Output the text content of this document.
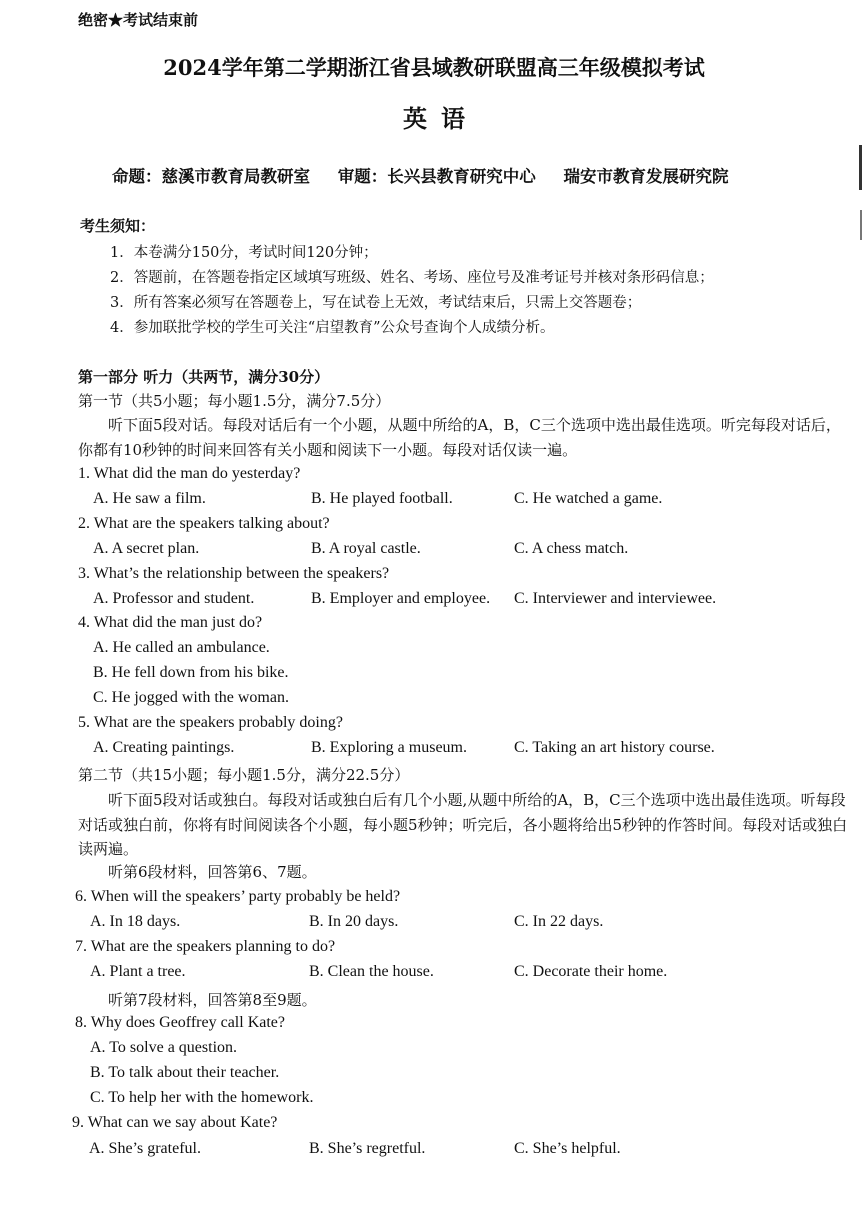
绝密★考试结束前
2024学年第二学期浙江省县域教研联盟高三年级模拟考试
英语
命题：慈溪市教育局教研室 审题：长兴县教育研究中心 瑞安市教育发展研究院
考生须知：
1．本卷满分150分，考试时间120分钟；
2．答题前，在答题卷指定区域填写班级、姓名、考场、座位号及准考证号并核对条形码信息；
3．所有答案必须写在答题卷上，写在试卷上无效，考试结束后，只需上交答题卷；
4．参加联批学校的学生可关注“启望教育”公众号查询个人成绩分析。
第一部分 听力（共两节，满分30分）
第一节（共5小题；每小题1.5分，满分7.5分）
听下面5段对话。每段对话后有一个小题，从题中所给的A，B，C三个选项中选出最佳选项。听完每段对话后，你都有10秒钟的时间来回答有关小题和阅读下一小题。每段对话仅读一遍。
1. What did the man do yesterday?
A. He saw a film.	B. He played football.	C. He watched a game.
2. What are the speakers talking about?
A. A secret plan.	B. A royal castle.	C. A chess match.
3. What’s the relationship between the speakers?
A. Professor and student.	B. Employer and employee. C. Interviewer and interviewee.
4. What did the man just do?
A. He called an ambulance.
B. He fell down from his bike.
C. He jogged with the woman.
5. What are the speakers probably doing?
A. Creating paintings.	B. Exploring a museum.	C. Taking an art history course.
第二节（共15小题；每小题1.5分，满分22.5分）
听下面5段对话或独白。每段对话或独白后有几个小题,从题中所给的A，B，C三个选项中选出最佳选项。听每段对话或独白前，你将有时间阅读各个小题，每小题5秒钟；听完后，各小题将给出5秒钟的作答时间。每段对话或独白读两遍。
听第6段材料，回答第6、7题。
6. When will the speakers’ party probably be held?
A. In 18 days.	B. In 20 days.	C. In 22 days.
7. What are the speakers planning to do?
A. Plant a tree.	B. Clean the house.	C. Decorate their home.
听第7段材料，回答第8至9题。
8. Why does Geoffrey call Kate?
A. To solve a question.
B. To talk about their teacher.
C. To help her with the homework.
9. What can we say about Kate?
A. She’s grateful.	B. She’s regretful.	C. She’s helpful.
